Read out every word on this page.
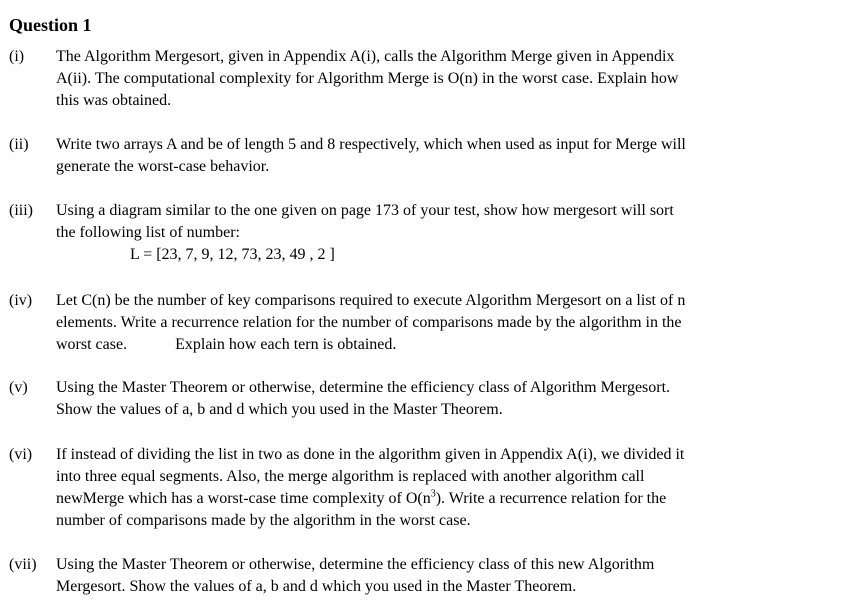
Question 1
(i) The Algorithm Mergesort, given in Appendix A(i), calls the Algorithm Merge given in Appendix
A(ii). The computational complexity for Algorithm Merge is O(n) in the worst case. Explain how
this was obtained.
(ii) Write two arrays A and be of length 5 and 8 respectively, which when used as input for Merge will
generate the worst-case behavior.
(iii) Using a diagram similar to the one given on page 173 of your test, show how mergesort will sort
the following list of number:
L = [23, 7, 9, 12, 73, 23, 49 , 2 ]
(iv) Let C(n) be the number of key comparisons required to execute Algorithm Mergesort on a list of n
elements. Write a recurrence relation for the number of comparisons made by the algorithm in the
worst case.	Explain how each tern is obtained.
(v) Using the Master Theorem or otherwise, determine the efficiency class of Algorithm Mergesort.
Show the values of a, b and d which you used in the Master Theorem.
(vi) If instead of dividing the list in two as done in the algorithm given in Appendix A(i), we divided it
into three equal segments. Also, the merge algorithm is replaced with another algorithm call
newMerge which has a worst-case time complexity of $O(n^3)$. Write a recurrence relation for the
number of comparisons made by the algorithm in the worst case.
(vii) Using the Master Theorem or otherwise, determine the efficiency class of this new Algorithm
Mergesort. Show the values of a, b and d which you used in the Master Theorem.
